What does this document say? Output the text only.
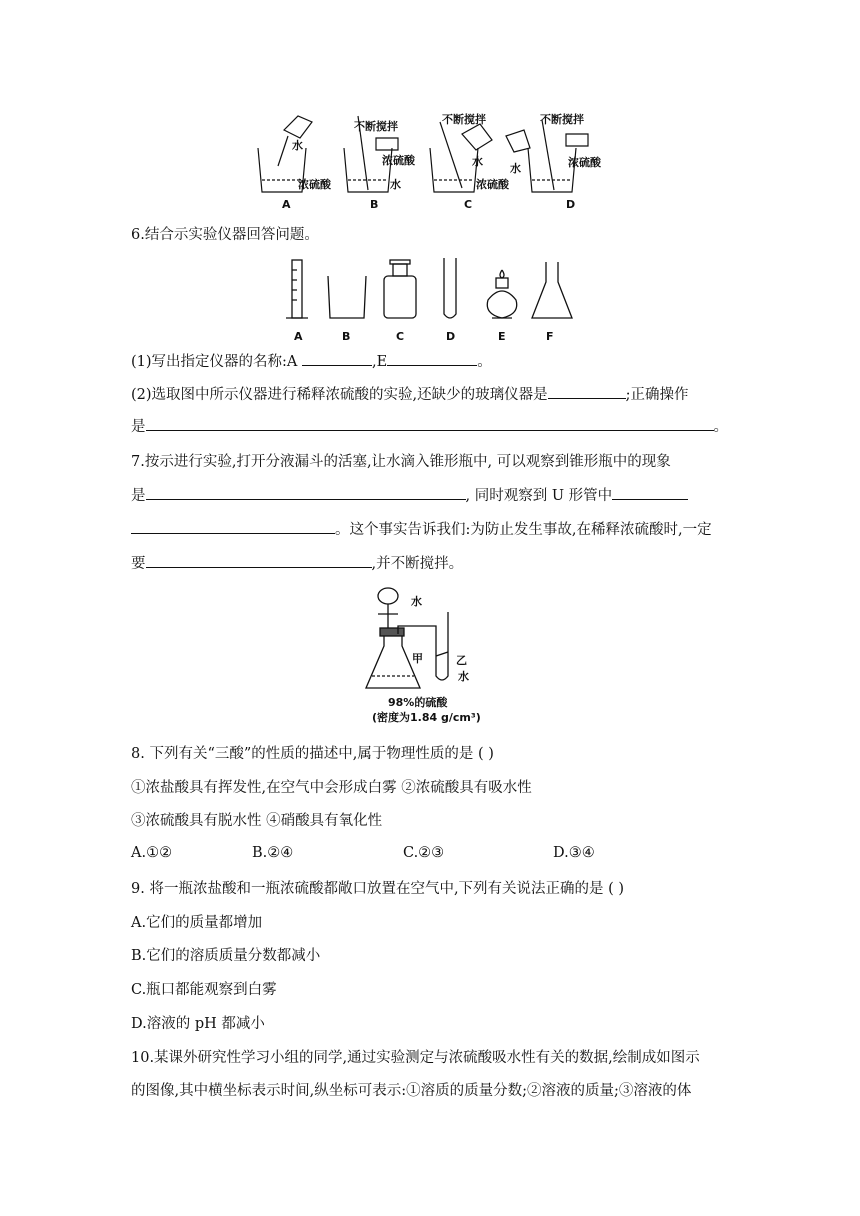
水
浓硫酸
不断搅拌
浓硫酸
水
不断搅拌
水
浓硫酸
不断搅拌
水	浓硫酸
A	B	C	D
6.结合示实验仪器回答问题。
A	B	C	D	E	F
(1)写出指定仪器的名称:A	,E	。
(2)选取图中所示仪器进行稀释浓硫酸的实验,还缺少的玻璃仪器是	;正确操作
是	。
7.按示进行实验,打开分液漏斗的活塞,让水滴入锥形瓶中, 可以观察到锥形瓶中的现象
是	, 同时观察到 U 形管中
。这个事实告诉我们:为防止发生事故,在稀释浓硫酸时,一定
要	,并不断搅拌。
水
甲	乙
水
98%的硫酸
(密度为1.84 g/cm³)
8. 下列有关“三酸”的性质的描述中,属于物理性质的是 ( )
①浓盐酸具有挥发性,在空气中会形成白雾 ②浓硫酸具有吸水性
③浓硫酸具有脱水性 ④硝酸具有氧化性
A.①②	B.②④	C.②③	D.③④
9. 将一瓶浓盐酸和一瓶浓硫酸都敞口放置在空气中,下列有关说法正确的是 ( )
A.它们的质量都增加
B.它们的溶质质量分数都减小
C.瓶口都能观察到白雾
D.溶液的 pH 都减小
10.某课外研究性学习小组的同学,通过实验测定与浓硫酸吸水性有关的数据,绘制成如图示
的图像,其中横坐标表示时间,纵坐标可表示:①溶质的质量分数;②溶液的质量;③溶液的体
